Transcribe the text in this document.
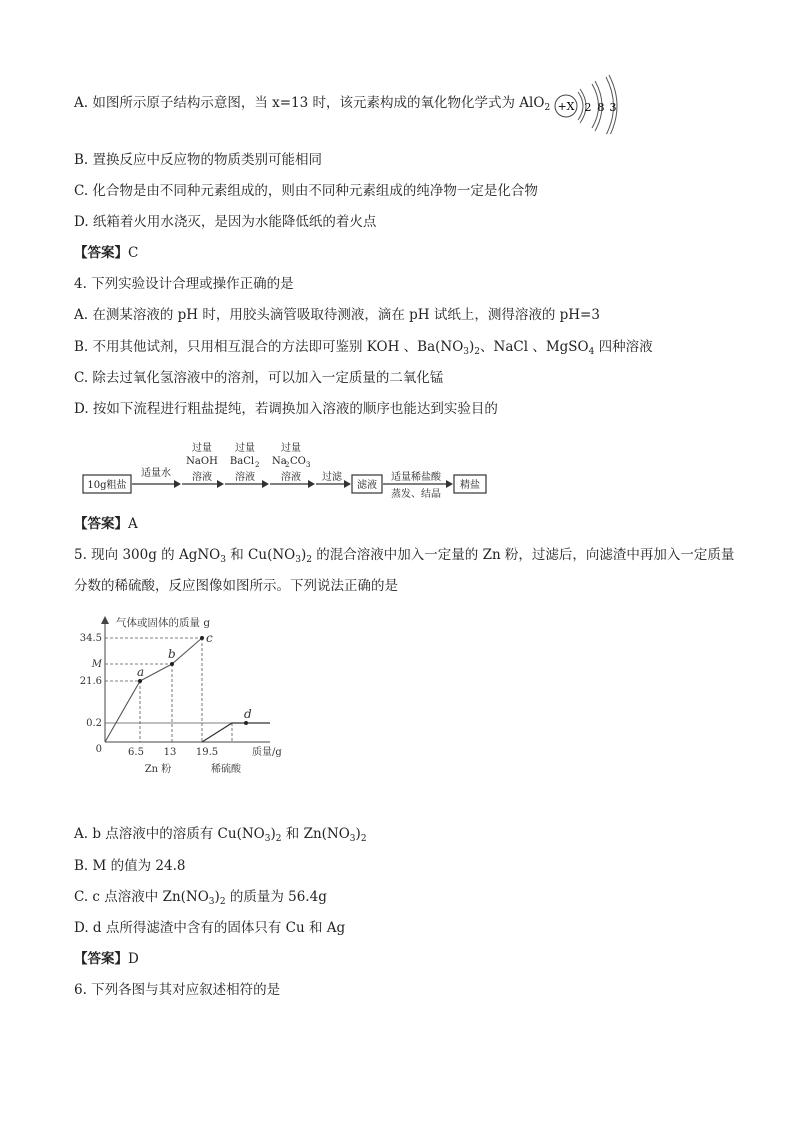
A. 如图所示原子结构示意图，当 x=13 时，该元素构成的氧化物化学式为 AlO$_2$ +X 2 8 3
B. 置换反应中反应物的物质类别可能相同
C. 化合物是由不同种元素组成的，则由不同种元素组成的纯净物一定是化合物
D. 纸箱着火用水浇灭，是因为水能降低纸的着火点
【答案】C
4. 下列实验设计合理或操作正确的是
A. 在测某溶液的 pH 时，用胶头滴管吸取待测液，滴在 pH 试纸上，测得溶液的 pH=3
B. 不用其他试剂，只用相互混合的方法即可鉴别 KOH 、$Ba(NO_3)_2$、NaCl 、MgSO$_4$ 四种溶液
C. 除去过氧化氢溶液中的溶剂，可以加入一定质量的二氧化锰
D. 按如下流程进行粗盐提纯，若调换加入溶液的顺序也能达到实验目的
10g粗盐
适量水
过量
NaOH
溶液
过量
BaCl 2
溶液
过量
Na
2 CO 3
溶液 过滤
滤液
适量稀盐酸
蒸发、结晶
精盐
【答案】A
5. 现向 300g 的 AgNO$_3$ 和 $Cu(NO_3)_2$ 的混合溶液中加入一定量的 Zn 粉，过滤后，向滤渣中再加入一定质量
分数的稀硫酸，反应图像如图所示。下列说法正确的是
气体或固体的质量 g
质量/g
34.5
M
21.6
0.2
0	6.5 13 19.5
Zn 粉	稀硫酸
a
b
c
d
A. b 点溶液中的溶质有 $Cu(NO_3)_2$ 和 $Zn(NO_3)_2$
B. M 的值为 24.8
C. c 点溶液中 $Zn(NO_3)_2$ 的质量为 56.4g
D. d 点所得滤渣中含有的固体只有 Cu 和 Ag
【答案】D
6. 下列各图与其对应叙述相符的是
